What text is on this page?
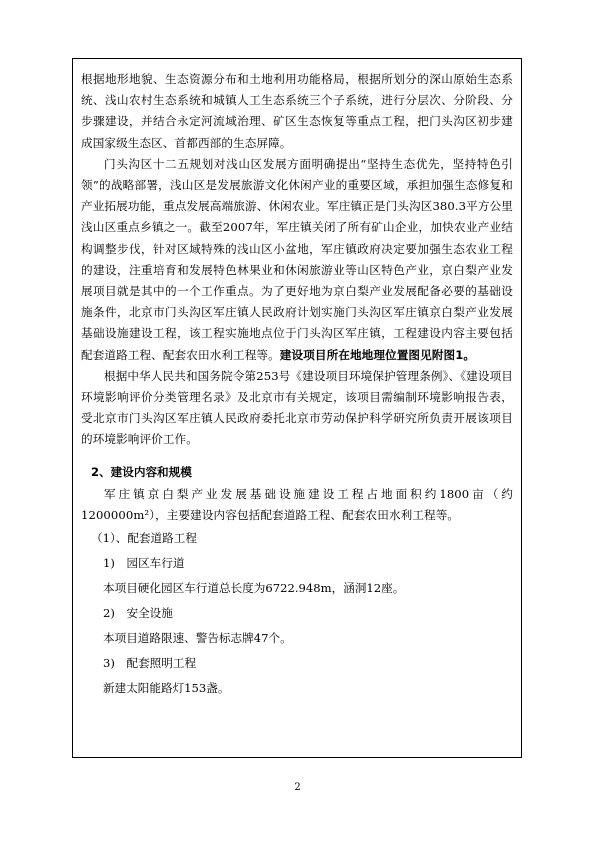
根据地形地貌、生态资源分布和土地利用功能格局，根据所划分的深山原始生态系统、浅山农村生态系统和城镇人工生态系统三个子系统，进行分层次、分阶段、分步骤建设，并结合永定河流域治理、矿区生态恢复等重点工程，把门头沟区初步建成国家级生态区、首都西部的生态屏障。

门头沟区十二五规划对浅山区发展方面明确提出“坚持生态优先，坚持特色引领”的战略部署，浅山区是发展旅游文化休闲产业的重要区域，承担加强生态修复和产业拓展功能，重点发展高端旅游、休闲农业。军庄镇正是门头沟区380.3平方公里浅山区重点乡镇之一。截至2007年，军庄镇关闭了所有矿山企业，加快农业产业结构调整步伐，针对区域特殊的浅山区小盆地，军庄镇政府决定要加强生态农业工程的建设，注重培育和发展特色林果业和休闲旅游业等山区特色产业，京白梨产业发展项目就是其中的一个工作重点。为了更好地为京白梨产业发展配备必要的基础设施条件，北京市门头沟区军庄镇人民政府计划实施门头沟区军庄镇京白梨产业发展基础设施建设工程，该工程实施地点位于门头沟区军庄镇，工程建设内容主要包括配套道路工程、配套农田水利工程等。建设项目所在地地理位置图见附图1。

根据中华人民共和国务院令第253号《建设项目环境保护管理条例》、《建设项目环境影响评价分类管理名录》及北京市有关规定，该项目需编制环境影响报告表，受北京市门头沟区军庄镇人民政府委托北京市劳动保护科学研究所负责开展该项目的环境影响评价工作。

2、建设内容和规模

军庄镇京白梨产业发展基础设施建设工程占地面积约1800亩（约1200000m²），主要建设内容包括配套道路工程、配套农田水利工程等。

（1）、配套道路工程

1)　园区车行道

本项目硬化园区车行道总长度为6722.948m，涵洞12座。

2)　安全设施

本项目道路限速、警告标志牌47个。

3)　配套照明工程

新建太阳能路灯153盏。

2
